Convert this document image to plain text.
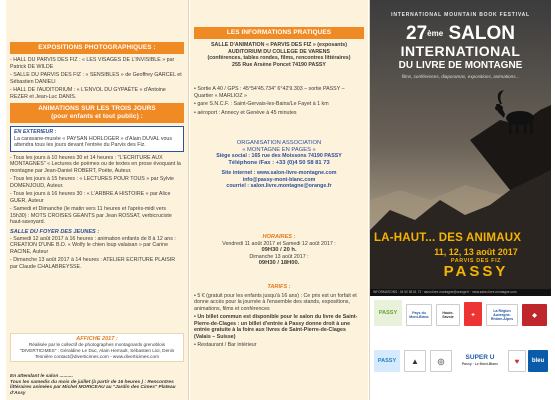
EXPOSITIONS PHOTOGRAPHIQUES :

- HALL DU PARVIS DES FIZ : « LES VISAGES DE L'INVISIBLE » par Patrick DE WILDE

- SALLE DU PARVIS DES FIZ : « SENSIBLES » de Geoffrey GARCEL et Sébastien DANIELI

- HALL DE l'AUDITORIUM : « L'ENVOL DU GYPAÈTE » d'Antoine REZER et Jean-Luc DANIS.

ANIMATIONS SUR LES TROIS JOURS
(pour enfants et tout public) :
EN EXTERIEUR :
La caravane-musée « PAYSAN HORLOGER » d'Alain DUVAL vous attendra tous les jours devant l'entrée du Parvis des Fiz.

- Tous les jours à 10 heures 30 et 14 heures : "L'ECRITURE AUX MONTAGNES" « Lectures de poèmes ou de textes en prose évoquant la montagne par Jean-Daniel ROBERT, Poète, Auteur.

- Tous les jours à 15 heures : « LECTURES POUR TOUS » par Sylvie DOMENJOUD, Auteur.

- Tous les jours à 16 heures 30 : « L'ARBRE A HISTOIRE » par Alice GUER, Auteur

- Samedi et Dimanche (le matin vers 11 heures et l'après-midi vers 15h30) : MOTS CROISES GEANTS par Jean ROSSAT, verbicruciste haut-savoyard.

SALLE DU FOYER DES JEUNES :

- Samedi 12 août 2017 à 16 heures : animation enfants de 8 à 12 ans : CREATION D'UNE B.D. « Wolfy le chien loup valaisan » par Carine RACINE, Auteur

- Dimanche 13 août 2017 à 14 heures : ATELIER ECRITURE PLAISIR par Claude CHALABREYSSE.

AFFICHE 2017 :
Réalisée par le collectif de photographes montagnards grenoblois "DIVERTICIMES" : Géraldine Le Duc, Alain Herrault, Sébastien Lioi, Denis Tesnière contact@diverticimes.com - www.diverticimes.com
En attendant le salon ..........
Tous les samedis du mois de juillet (à partir de 16 heures ) : Rencontres littéraires animées par Michel MORICEAU au "Jardin des Cimes" Plateau d'Assy
LES INFORMATIONS PRATIQUES
SALLE D'ANIMATION « PARVIS DES FIZ » (exposants)
AUDITORIUM DU COLLEGE DE VARENS
(conférences, tables rondes, films, rencontres littéraires)
255 Rue Arsène Poncet 74190 PASSY

• Sortie A 40 / GPS : 45°54'45.734" 6°42'9.303 – sortie PASSY – Quartier « MARLIOZ »

• gare S.N.C.F. : Saint-Gervais-les-Bains/Le Fayet à 1 km

• aéroport : Annecy et Genève à 45 minutes

ORGANISATION ASSOCIATION
« MONTAGNE EN PAGES »
Siège social : 165 rue des Moissons 74190 PASSY
Téléphone /Fax : +33 (0)4 50 58 81 73
Site internet : www.salon-livre-montagne.com
info@passy-mont-blanc.com
courriel : salon.livre.montagne@orange.fr
HORAIRES :
Vendredi 11 août 2017 et Samedi 12 août 2017 :
09H30 / 20 h.
Dimanche 13 août 2017 :
09H30 / 18H00.
TARIFS :

• 5 € (gratuit pour les enfants jusqu'à 16 ans) : Ce prix est un forfait et donne accès pour la journée à l'ensemble des stands, expositions, animations, films et conférences

• Un billet commun est disponible pour le salon du livre de Saint-Pierre-de-Clages : un billet d'entrée à Passy donne droit à une entrée gratuite à la foire aux livres de Saint-Pierre-de-Clages (Valais – Suisse)

• Restaurant / Bar intérieur

INTERNATIONAL MOUNTAIN BOOK FESTIVAL
27ème SALON
INTERNATIONAL
DU LIVRE DE MONTAGNE
films, conférences, diaporamas, expositions, animations...
LA-HAUT... DES ANIMAUX
11, 12, 13 août 2017
PARVIS DES FIZ
PASSY
INFORMATIONS : 04 50 58 81 73 · salon.livre.montagne@orange.fr · www.salon-livre-montagne.com
PASSY	Pays du Mont-Blanc
Haute-Savoie
✚
La Région Auvergne-Rhône-Alpes
◆
PASSY	▲	◎	SUPER U
Passy · Le Mont-Blanc	♥	bleu
